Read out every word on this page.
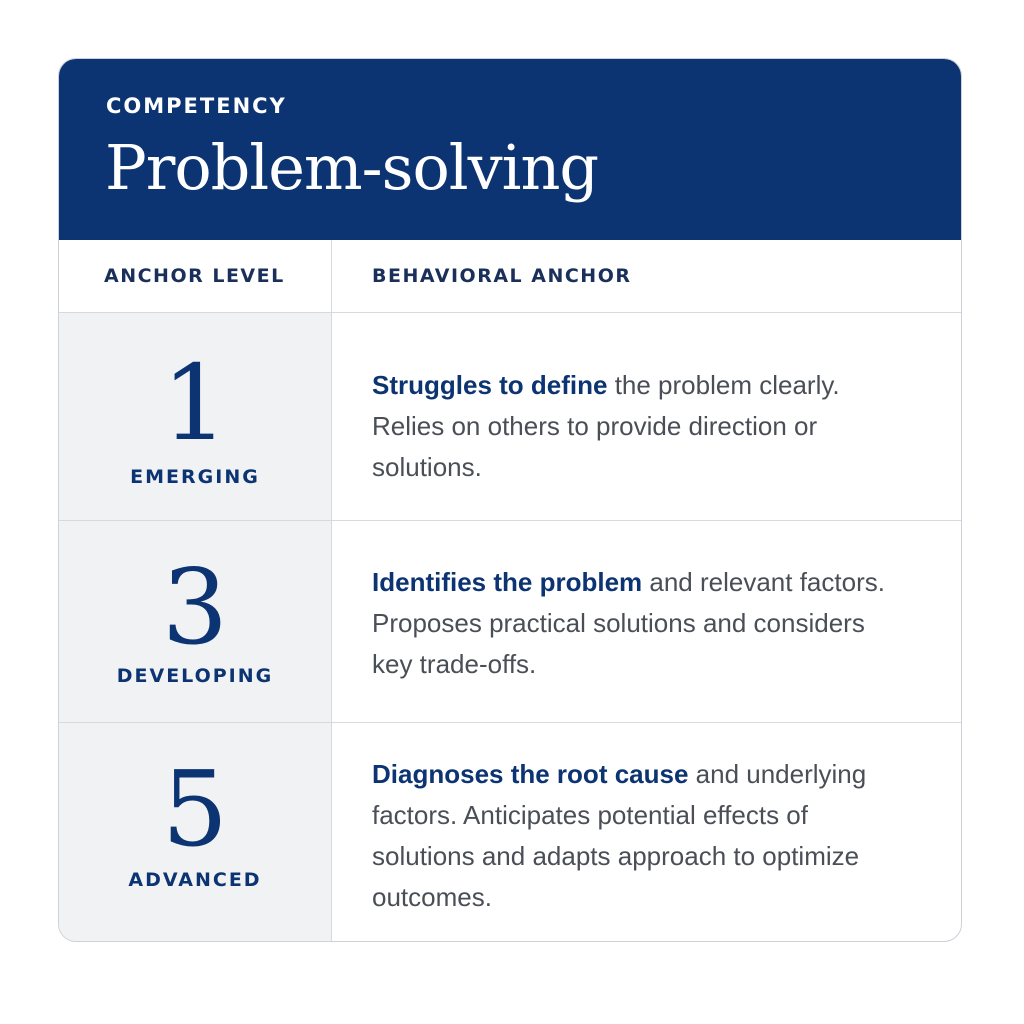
COMPETENCY
Problem-solving
ANCHOR LEVEL	BEHAVIORAL ANCHOR
1
EMERGING
Struggles to define the problem clearly. Relies on others to provide direction or solutions.
3
DEVELOPING
Identifies the problem and relevant factors. Proposes practical solutions and considers key trade-offs.
5
ADVANCED
Diagnoses the root cause and underlying factors. Anticipates potential effects of solutions and adapts approach to optimize outcomes.
